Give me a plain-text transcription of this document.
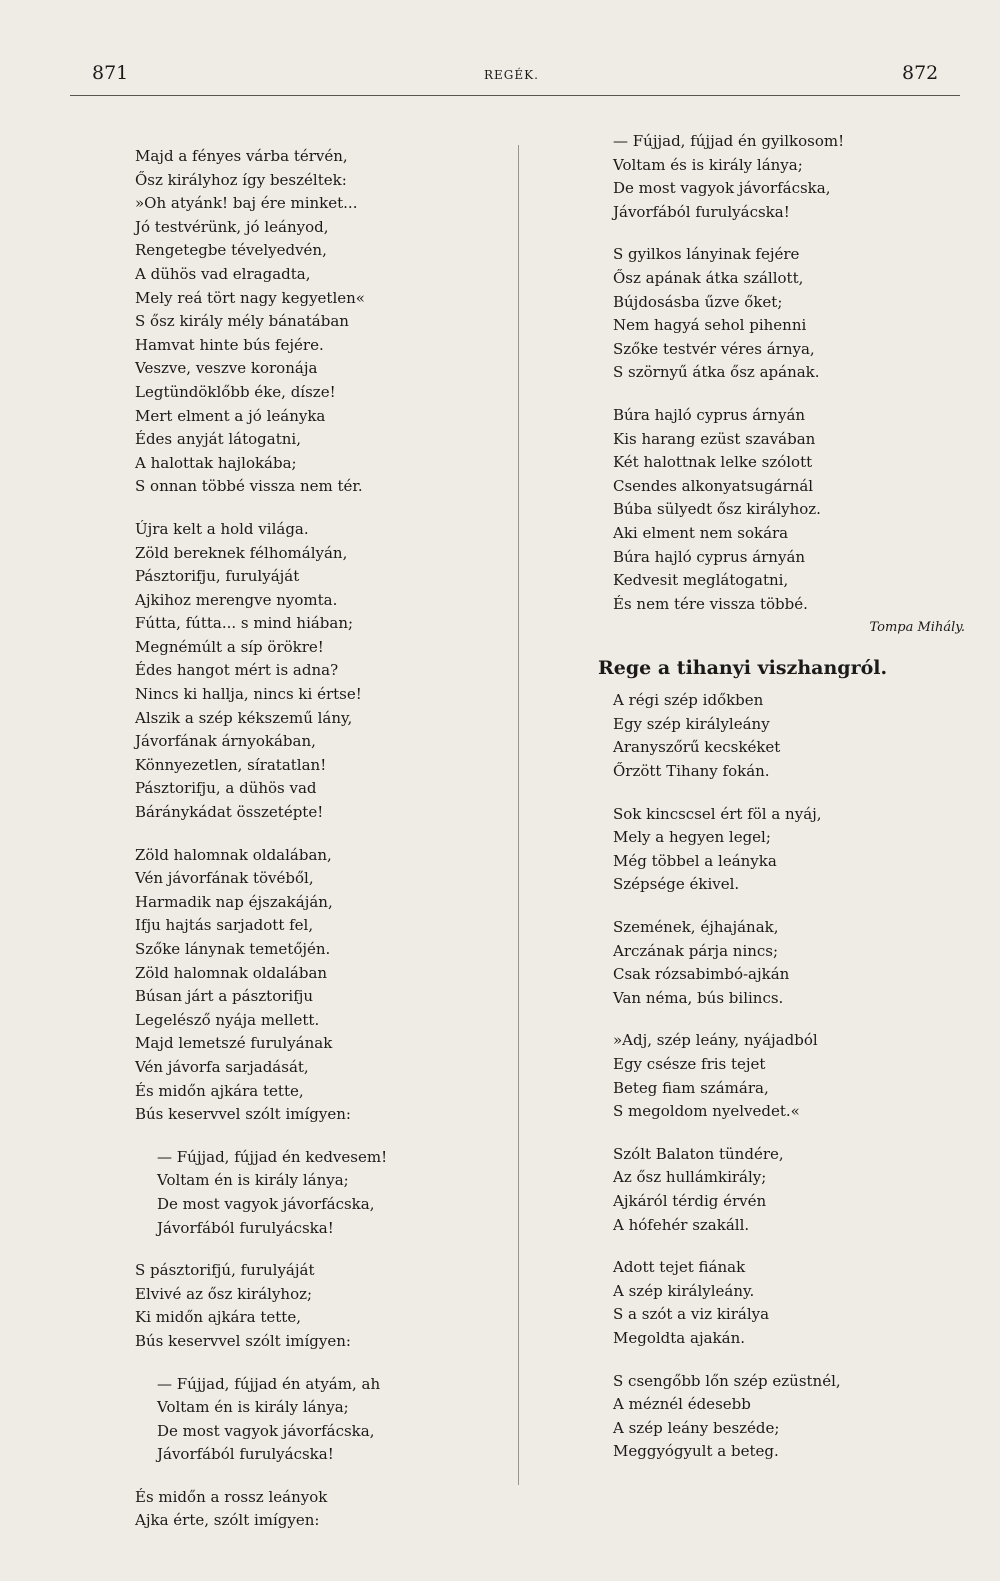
871	REGÉK.	872
Majd a fényes várba térvén,
Ősz királyhoz így beszéltek:
»Oh atyánk! baj ére minket...
Jó testvérünk, jó leányod,
Rengetegbe tévelyedvén,
A dühös vad elragadta,
Mely reá tört nagy kegyetlen«
S ősz király mély bánatában
Hamvat hinte bús fejére.
Veszve, veszve koronája
Legtündöklőbb éke, dísze!
Mert elment a jó leányka
Édes anyját látogatni,
A halottak hajlokába;
S onnan többé vissza nem tér.
Újra kelt a hold világa.
Zöld bereknek félhomályán,
Pásztorifju, furulyáját
Ajkihoz merengve nyomta.
Fútta, fútta... s mind hiában;
Megnémúlt a síp örökre!
Édes hangot mért is adna?
Nincs ki hallja, nincs ki értse!
Alszik a szép kékszemű lány,
Jávorfának árnyokában,
Könnyezetlen, síratatlan!
Pásztorifju, a dühös vad
Báránykádat összetépte!
Zöld halomnak oldalában,
Vén jávorfának tövéből,
Harmadik nap éjszakáján,
Ifju hajtás sarjadott fel,
Szőke lánynak temetőjén.
Zöld halomnak oldalában
Búsan járt a pásztorifju
Legelésző nyája mellett.
Majd lemetszé furulyának
Vén jávorfa sarjadását,
És midőn ajkára tette,
Bús keservvel szólt imígyen:
— Fújjad, fújjad én kedvesem!
Voltam én is király lánya;
De most vagyok jávorfácska,
Jávorfából furulyácska!
S pásztorifjú, furulyáját
Elvivé az ősz királyhoz;
Ki midőn ajkára tette,
Bús keservvel szólt imígyen:
— Fújjad, fújjad én atyám, ah
Voltam én is király lánya;
De most vagyok jávorfácska,
Jávorfából furulyácska!
És midőn a rossz leányok
Ajka érte, szólt imígyen:
— Fújjad, fújjad én gyilkosom!
Voltam és is király lánya;
De most vagyok jávorfácska,
Jávorfából furulyácska!
S gyilkos lányinak fejére
Ősz apának átka szállott,
Bújdosásba űzve őket;
Nem hagyá sehol pihenni
Szőke testvér véres árnya,
S szörnyű átka ősz apának.
Búra hajló cyprus árnyán
Kis harang ezüst szavában
Két halottnak lelke szólott
Csendes alkonyatsugárnál
Búba sülyedt ősz királyhoz.
Aki elment nem sokára
Búra hajló cyprus árnyán
Kedvesit meglátogatni,
És nem tére vissza többé.
Tompa Mihály.
Rege a tihanyi viszhangról.
A régi szép időkben
Egy szép királyleány
Aranyszőrű kecskéket
Őrzött Tihany fokán.
Sok kincscsel ért föl a nyáj,
Mely a hegyen legel;
Még többel a leányka
Szépsége ékivel.
Szemének, éjhajának,
Arczának párja nincs;
Csak rózsabimbó-ajkán
Van néma, bús bilincs.
»Adj, szép leány, nyájadból
Egy csésze fris tejet
Beteg fiam számára,
S megoldom nyelvedet.«
Szólt Balaton tündére,
Az ősz hullámkirály;
Ajkáról térdig érvén
A hófehér szakáll.
Adott tejet fiának
A szép királyleány.
S a szót a viz királya
Megoldta ajakán.
S csengőbb lőn szép ezüstnél,
A méznél édesebb
A szép leány beszéde;
Meggyógyult a beteg.
